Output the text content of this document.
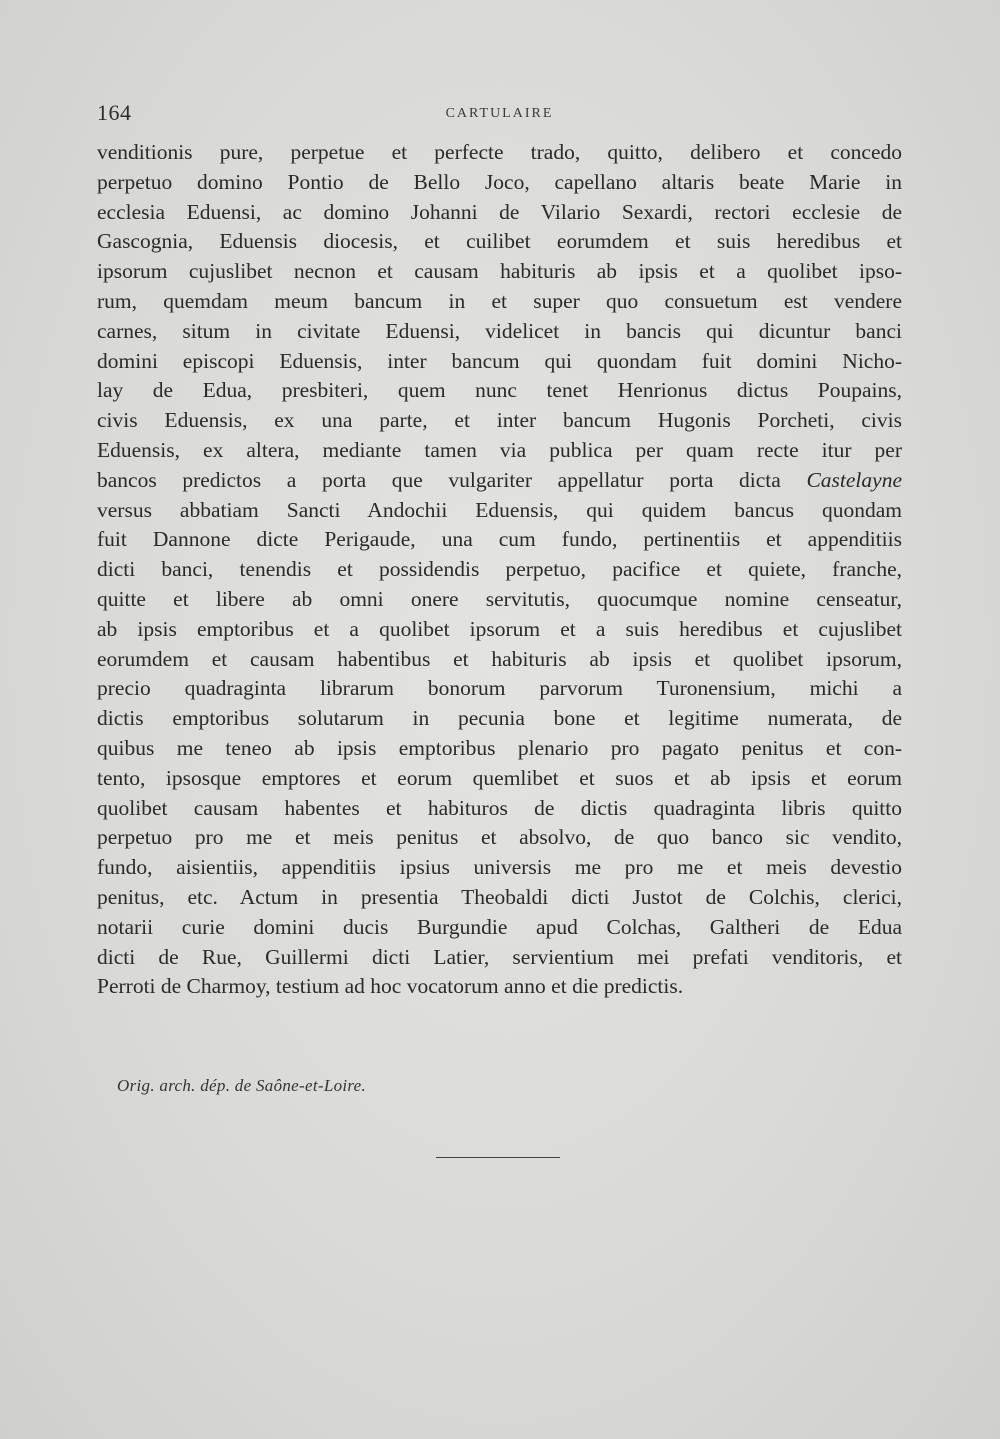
164	CARTULAIRE
venditionis pure, perpetue et perfecte trado, quitto, delibero et concedo
perpetuo domino Pontio de Bello Joco, capellano altaris beate Marie in
ecclesia Eduensi, ac domino Johanni de Vilario Sexardi, rectori ecclesie de
Gascognia, Eduensis diocesis, et cuilibet eorumdem et suis heredibus et
ipsorum cujuslibet necnon et causam habituris ab ipsis et a quolibet ipso-
rum, quemdam meum bancum in et super quo consuetum est vendere
carnes, situm in civitate Eduensi, videlicet in bancis qui dicuntur banci
domini episcopi Eduensis, inter bancum qui quondam fuit domini Nicho-
lay de Edua, presbiteri, quem nunc tenet Henrionus dictus Poupains,
civis Eduensis, ex una parte, et inter bancum Hugonis Porcheti, civis
Eduensis, ex altera, mediante tamen via publica per quam recte itur per
bancos predictos a porta que vulgariter appellatur porta dicta Castelayne
versus abbatiam Sancti Andochii Eduensis, qui quidem bancus quondam
fuit Dannone dicte Perigaude, una cum fundo, pertinentiis et appenditiis
dicti banci, tenendis et possidendis perpetuo, pacifice et quiete, franche,
quitte et libere ab omni onere servitutis, quocumque nomine censeatur,
ab ipsis emptoribus et a quolibet ipsorum et a suis heredibus et cujuslibet
eorumdem et causam habentibus et habituris ab ipsis et quolibet ipsorum,
precio quadraginta librarum bonorum parvorum Turonensium, michi a
dictis emptoribus solutarum in pecunia bone et legitime numerata, de
quibus me teneo ab ipsis emptoribus plenario pro pagato penitus et con-
tento, ipsosque emptores et eorum quemlibet et suos et ab ipsis et eorum
quolibet causam habentes et habituros de dictis quadraginta libris quitto
perpetuo pro me et meis penitus et absolvo, de quo banco sic vendito,
fundo, aisientiis, appenditiis ipsius universis me pro me et meis devestio
penitus, etc. Actum in presentia Theobaldi dicti Justot de Colchis, clerici,
notarii curie domini ducis Burgundie apud Colchas, Galtheri de Edua
dicti de Rue, Guillermi dicti Latier, servientium mei prefati venditoris, et
Perroti de Charmoy, testium ad hoc vocatorum anno et die predictis.
Orig. arch. dép. de Saône-et-Loire.
